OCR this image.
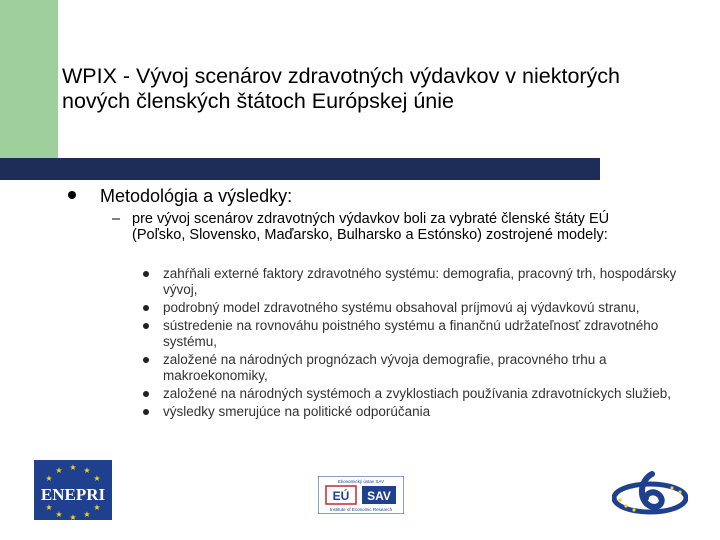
WPIX - Vývoj scenárov zdravotných výdavkov v niektorých nových členských štátoch Európskej únie
Metodológia a výsledky:
– pre vývoj scenárov zdravotných výdavkov boli za vybraté členské štáty EÚ (Poľsko, Slovensko, Maďarsko, Bulharsko a Estónsko) zostrojené modely:
zahŕňali externé faktory zdravotného systému: demografia, pracovný trh, hospodársky vývoj,
podrobný model zdravotného systému obsahoval príjmovú aj výdavkovú stranu,
sústredenie na rovnováhu poistného systému a finančnú udržateľnosť zdravotného systému,
založené na národných prognózach vývoja demografie, pracovného trhu a makroekonomiky,
založené na národných systémoch a zvyklostiach používania zdravotníckych služieb,
výsledky smerujúce na politické odporúčania
★ ★
★
★
★
★
★
★
★
★
ENEPRI
Ekonomický ústav SAV
EÚ SAV
Institute of Economic Research
